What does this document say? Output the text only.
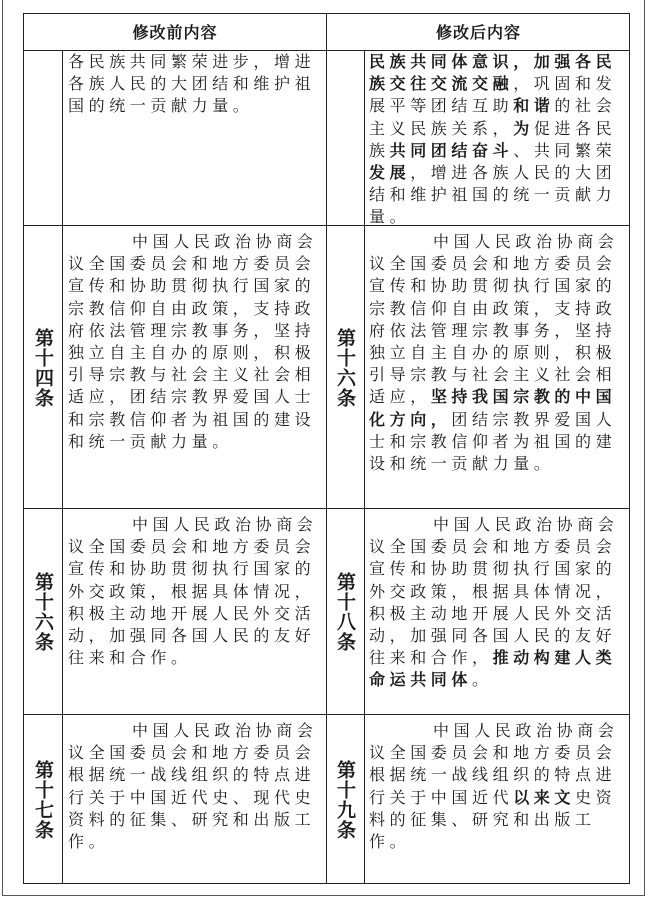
修改前内容	修改后内容
各民族共同繁荣进步，增进各族人民的大团结和维护祖国的统一贡献力量。
民族共同体意识，加强各民族交往交流交融，巩固和发展平等团结互助和谐的社会主义民族关系，为促进各民族共同团结奋斗、共同繁荣发展，增进各族人民的大团结和维护祖国的统一贡献力量。
第十四条
中国人民政治协商会议全国委员会和地方委员会宣传和协助贯彻执行国家的宗教信仰自由政策，支持政府依法管理宗教事务，坚持独立自主自办的原则，积极引导宗教与社会主义社会相适应，团结宗教界爱国人士和宗教信仰者为祖国的建设和统一贡献力量。
第十六条
中国人民政治协商会议全国委员会和地方委员会宣传和协助贯彻执行国家的宗教信仰自由政策，支持政府依法管理宗教事务，坚持独立自主自办的原则，积极引导宗教与社会主义社会相适应，坚持我国宗教的中国化方向，团结宗教界爱国人士和宗教信仰者为祖国的建设和统一贡献力量。
第十六条
中国人民政治协商会议全国委员会和地方委员会宣传和协助贯彻执行国家的外交政策，根据具体情况，积极主动地开展人民外交活动，加强同各国人民的友好往来和合作。
第十八条
中国人民政治协商会议全国委员会和地方委员会宣传和协助贯彻执行国家的外交政策，根据具体情况，积极主动地开展人民外交活动，加强同各国人民的友好往来和合作，推动构建人类命运共同体。
第十七条
中国人民政治协商会议全国委员会和地方委员会根据统一战线组织的特点进行关于中国近代史、现代史资料的征集、研究和出版工作。
第十九条
中国人民政治协商会议全国委员会和地方委员会根据统一战线组织的特点进行关于中国近代以来文史资料的征集、研究和出版工作。
